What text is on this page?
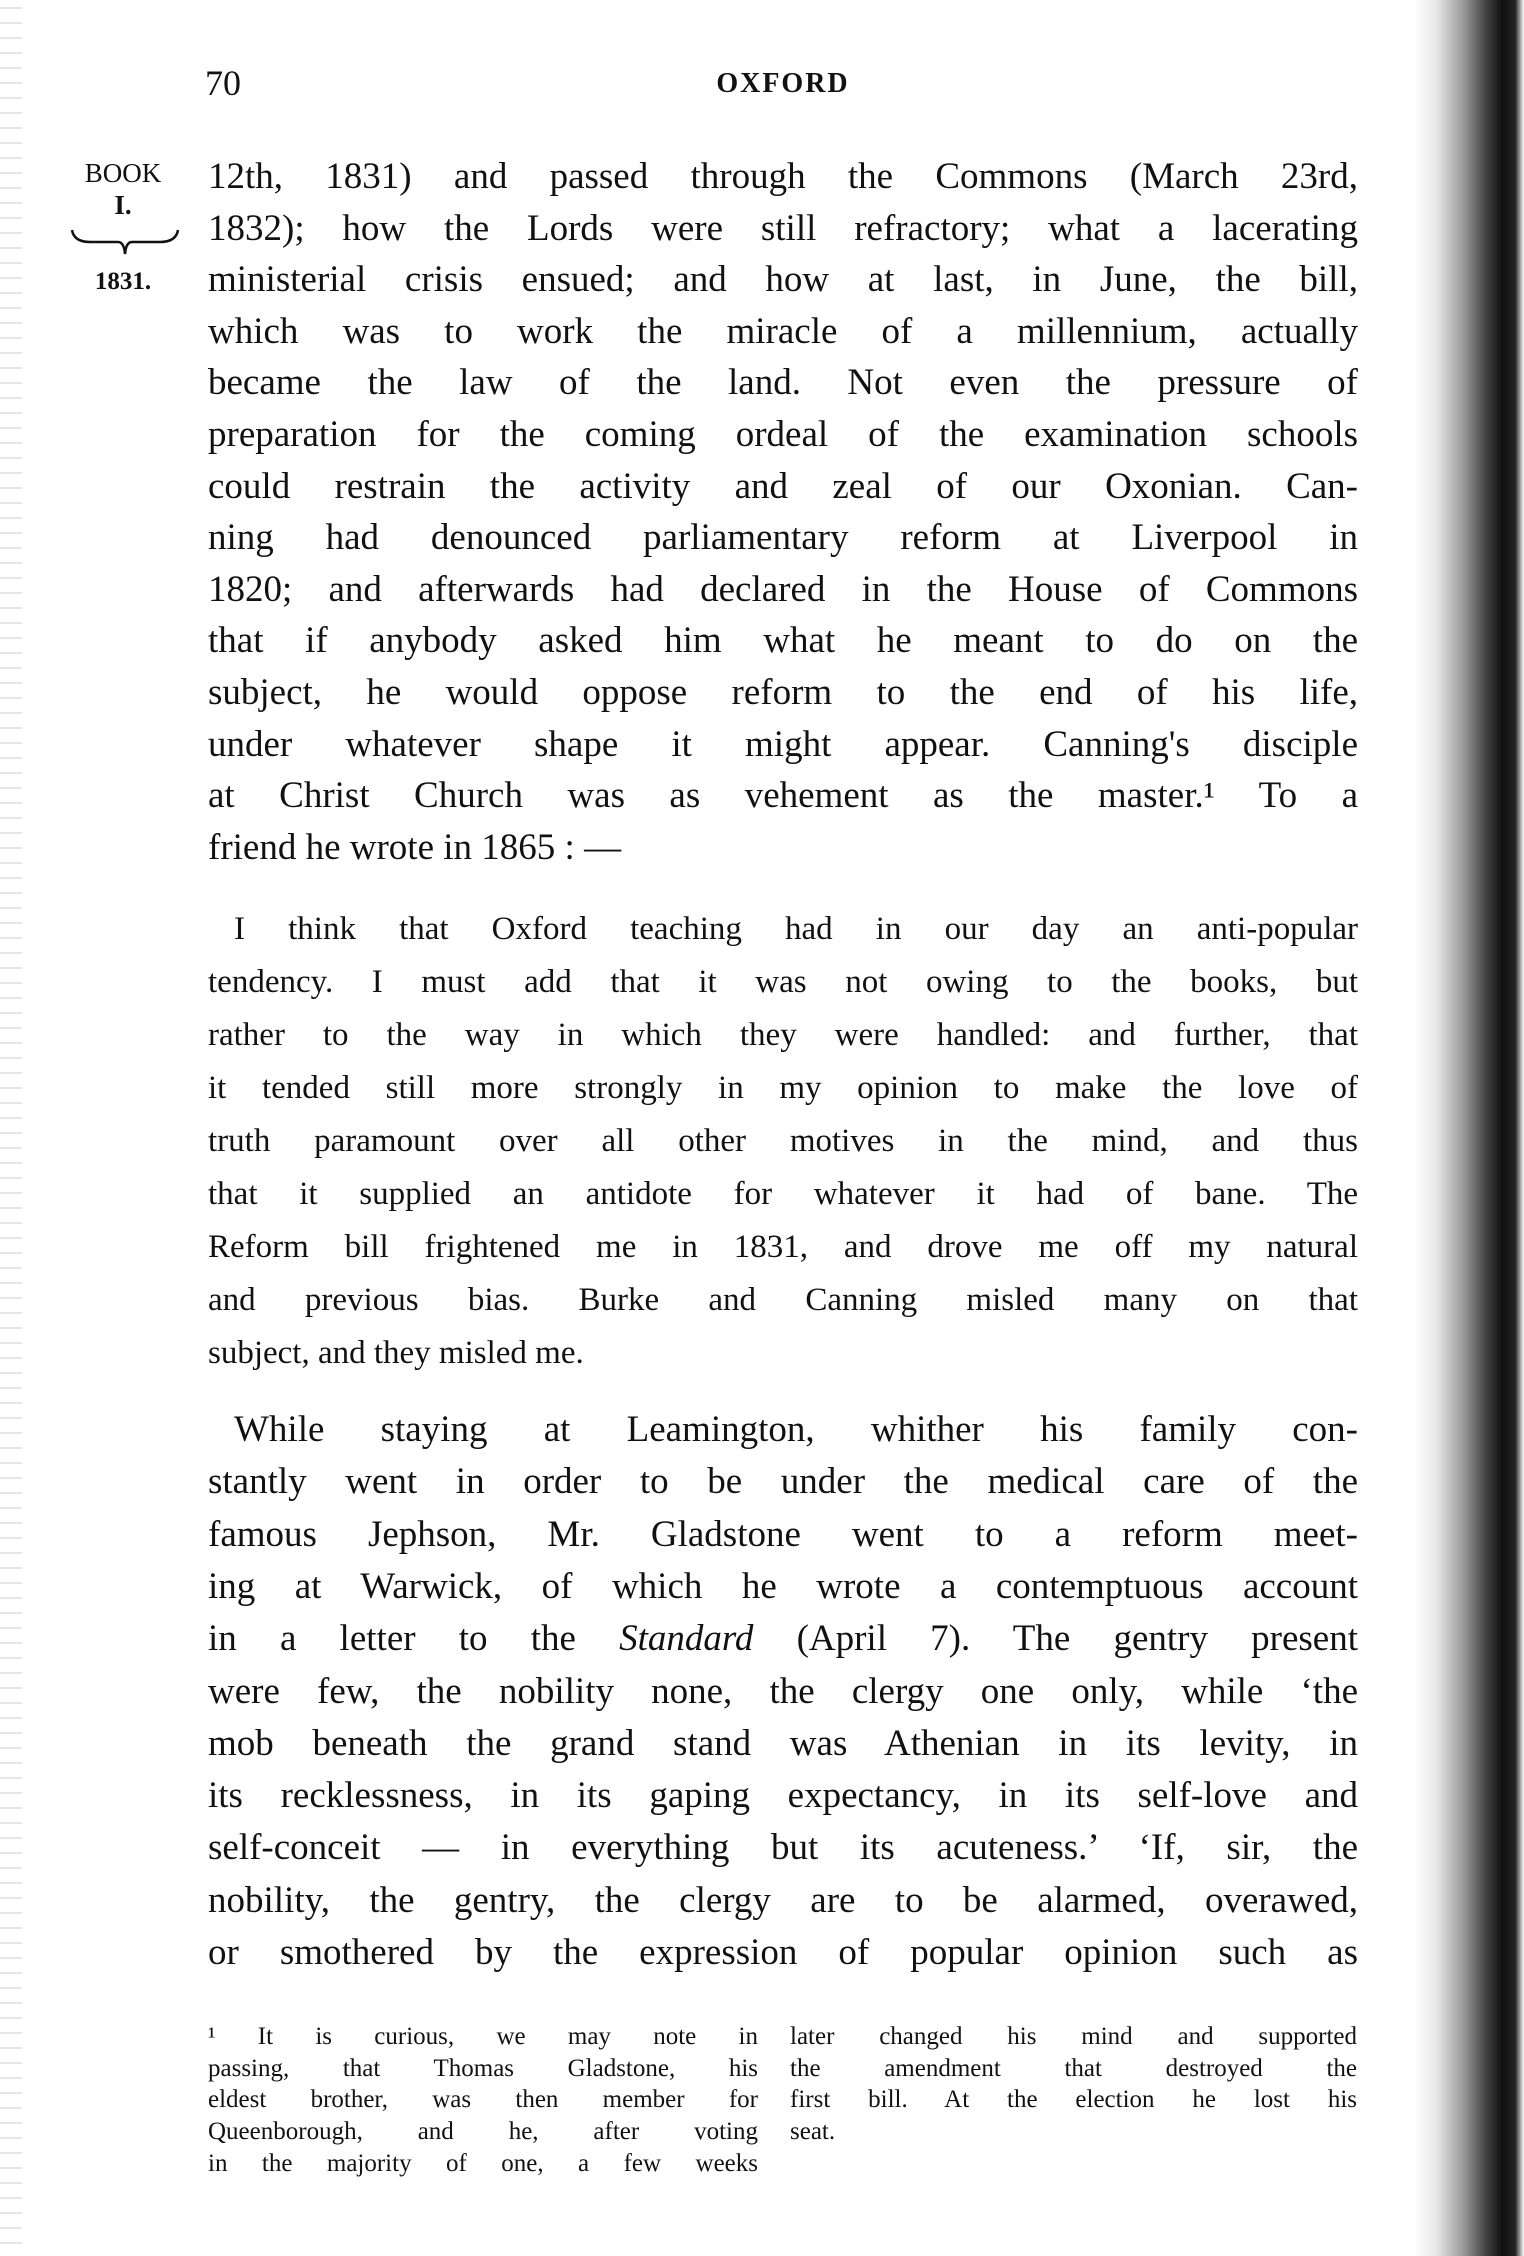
70	OXFORD
BOOK
I.
1831.
12th, 1831) and passed through the Commons (March 23rd,
1832); how the Lords were still refractory; what a lacerating
ministerial crisis ensued; and how at last, in June, the bill,
which was to work the miracle of a millennium, actually
became the law of the land. Not even the pressure of
preparation for the coming ordeal of the examination schools
could restrain the activity and zeal of our Oxonian. Can-
ning had denounced parliamentary reform at Liverpool in
1820; and afterwards had declared in the House of Commons
that if anybody asked him what he meant to do on the
subject, he would oppose reform to the end of his life,
under whatever shape it might appear. Canning's disciple
at Christ Church was as vehement as the master.¹ To a
friend he wrote in 1865 : —
I think that Oxford teaching had in our day an anti-popular
tendency. I must add that it was not owing to the books, but
rather to the way in which they were handled: and further, that
it tended still more strongly in my opinion to make the love of
truth paramount over all other motives in the mind, and thus
that it supplied an antidote for whatever it had of bane. The
Reform bill frightened me in 1831, and drove me off my natural
and previous bias. Burke and Canning misled many on that
subject, and they misled me.
While staying at Leamington, whither his family con-
stantly went in order to be under the medical care of the
famous Jephson, Mr. Gladstone went to a reform meet-
ing at Warwick, of which he wrote a contemptuous account
in a letter to the Standard (April 7). The gentry present
were few, the nobility none, the clergy one only, while ‘the
mob beneath the grand stand was Athenian in its levity, in
its recklessness, in its gaping expectancy, in its self-love and
self-conceit — in everything but its acuteness.’ ‘If, sir, the
nobility, the gentry, the clergy are to be alarmed, overawed,
or smothered by the expression of popular opinion such as
¹ It is curious, we may note in
passing, that Thomas Gladstone, his
eldest brother, was then member for
Queenborough, and he, after voting
in the majority of one, a few weeks
later changed his mind and supported
the amendment that destroyed the
first bill. At the election he lost his
seat.
